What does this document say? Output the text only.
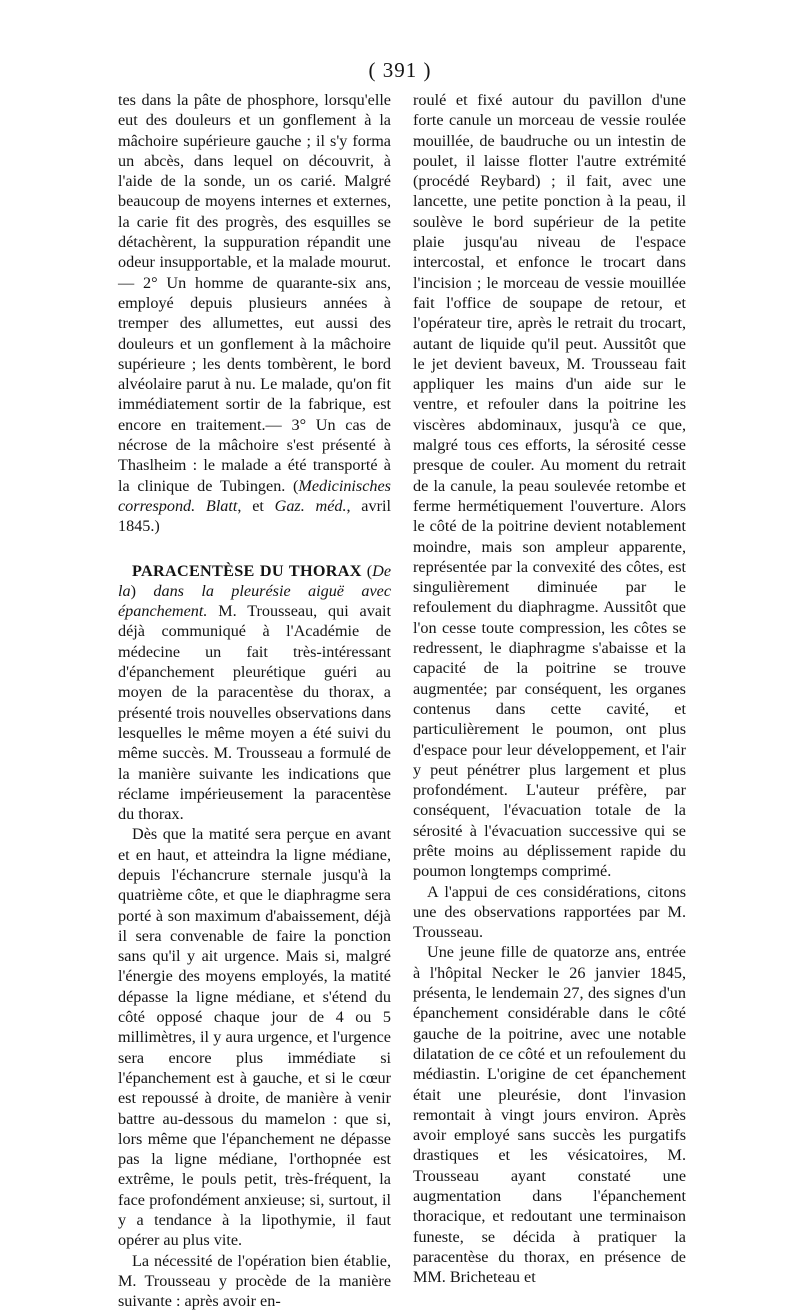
( 391 )

tes dans la pâte de phosphore, lorsqu'elle eut des douleurs et un gonflement à la mâchoire supérieure gauche ; il s'y forma un abcès, dans lequel on découvrit, à l'aide de la sonde, un os carié. Malgré beaucoup de moyens internes et externes, la carie fit des progrès, des esquilles se détachèrent, la suppuration répandit une odeur insupportable, et la malade mourut. — 2° Un homme de quarante-six ans, employé depuis plusieurs années à tremper des allumettes, eut aussi des douleurs et un gonflement à la mâchoire supérieure ; les dents tombèrent, le bord alvéolaire parut à nu. Le malade, qu'on fit immédiatement sortir de la fabrique, est encore en traitement.— 3° Un cas de nécrose de la mâchoire s'est présenté à Thaslheim : le malade a été transporté à la clinique de Tubingen. (Medicinisches correspond. Blatt, et Gaz. méd., avril 1845.)

PARACENTÈSE DU THORAX (De la) dans la pleurésie aiguë avec épanchement. M. Trousseau, qui avait déjà communiqué à l'Académie de médecine un fait très-intéressant d'épanchement pleurétique guéri au moyen de la paracentèse du thorax, a présenté trois nouvelles observations dans lesquelles le même moyen a été suivi du même succès. M. Trousseau a formulé de la manière suivante les indications que réclame impérieusement la paracentèse du thorax.

Dès que la matité sera perçue en avant et en haut, et atteindra la ligne médiane, depuis l'échancrure sternale jusqu'à la quatrième côte, et que le diaphragme sera porté à son maximum d'abaissement, déjà il sera convenable de faire la ponction sans qu'il y ait urgence. Mais si, malgré l'énergie des moyens employés, la matité dépasse la ligne médiane, et s'étend du côté opposé chaque jour de 4 ou 5 millimètres, il y aura urgence, et l'urgence sera encore plus immédiate si l'épanchement est à gauche, et si le cœur est repoussé à droite, de manière à venir battre au-dessous du mamelon : que si, lors même que l'épanchement ne dépasse pas la ligne médiane, l'orthopnée est extrême, le pouls petit, très-fréquent, la face profondément anxieuse; si, surtout, il y a tendance à la lipothymie, il faut opérer au plus vite.

La nécessité de l'opération bien établie, M. Trousseau y procède de la manière suivante : après avoir en-

roulé et fixé autour du pavillon d'une forte canule un morceau de vessie roulée mouillée, de baudruche ou un intestin de poulet, il laisse flotter l'autre extrémité (procédé Reybard) ; il fait, avec une lancette, une petite ponction à la peau, il soulève le bord supérieur de la petite plaie jusqu'au niveau de l'espace intercostal, et enfonce le trocart dans l'incision ; le morceau de vessie mouillée fait l'office de soupape de retour, et l'opérateur tire, après le retrait du trocart, autant de liquide qu'il peut. Aussitôt que le jet devient baveux, M. Trousseau fait appliquer les mains d'un aide sur le ventre, et refouler dans la poitrine les viscères abdominaux, jusqu'à ce que, malgré tous ces efforts, la sérosité cesse presque de couler. Au moment du retrait de la canule, la peau soulevée retombe et ferme hermétiquement l'ouverture. Alors le côté de la poitrine devient notablement moindre, mais son ampleur apparente, représentée par la convexité des côtes, est singulièrement diminuée par le refoulement du diaphragme. Aussitôt que l'on cesse toute compression, les côtes se redressent, le diaphragme s'abaisse et la capacité de la poitrine se trouve augmentée; par conséquent, les organes contenus dans cette cavité, et particulièrement le poumon, ont plus d'espace pour leur développement, et l'air y peut pénétrer plus largement et plus profondément. L'auteur préfère, par conséquent, l'évacuation totale de la sérosité à l'évacuation successive qui se prête moins au déplissement rapide du poumon longtemps comprimé.

A l'appui de ces considérations, citons une des observations rapportées par M. Trousseau.

Une jeune fille de quatorze ans, entrée à l'hôpital Necker le 26 janvier 1845, présenta, le lendemain 27, des signes d'un épanchement considérable dans le côté gauche de la poitrine, avec une notable dilatation de ce côté et un refoulement du médiastin. L'origine de cet épanchement était une pleurésie, dont l'invasion remontait à vingt jours environ. Après avoir employé sans succès les purgatifs drastiques et les vésicatoires, M. Trousseau ayant constaté une augmentation dans l'épanchement thoracique, et redoutant une terminaison funeste, se décida à pratiquer la paracentèse du thorax, en présence de MM. Bricheteau et
